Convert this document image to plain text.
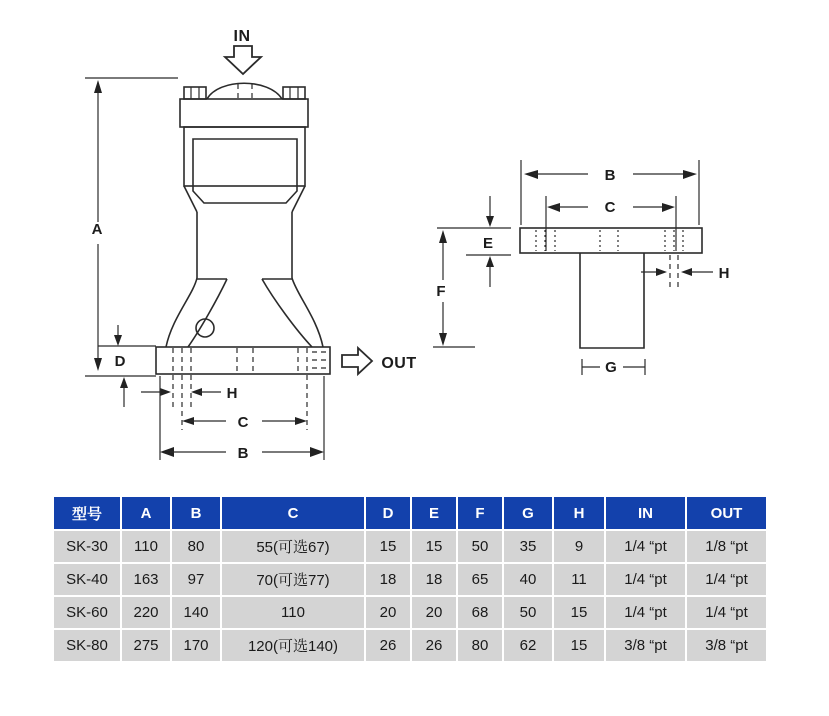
IN
OUT
A
D
H
C
B
B
C
E
F
H
G
型号	A	B	C	D	E	F	G	H	IN	OUT
SK-30	110	80	55(可选67)	15	15	50	35	9	1/4 “pt	1/8 “pt
SK-40	163	97	70(可选77)	18	18	65	40	11	1/4 “pt	1/4 “pt
SK-60	220	140	110	20	20	68	50	15	1/4 “pt	1/4 “pt
SK-80	275	170	120(可选140)	26	26	80	62	15	3/8 “pt	3/8 “pt
